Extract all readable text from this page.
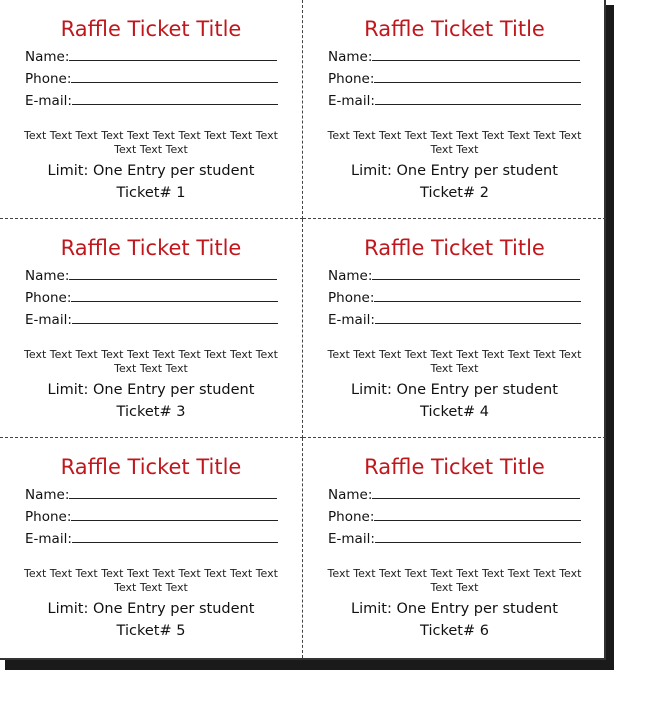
Raffle Ticket Title
Name:
Phone:
E-mail:
Text Text Text Text Text Text Text Text Text Text Text Text Text
Limit: One Entry per student
Ticket# 1
Raffle Ticket Title
Name:
Phone:
E-mail:
Text Text Text Text Text Text Text Text Text Text Text Text
Limit: One Entry per student
Ticket# 2
Raffle Ticket Title
Name:
Phone:
E-mail:
Text Text Text Text Text Text Text Text Text Text Text Text Text
Limit: One Entry per student
Ticket# 3
Raffle Ticket Title
Name:
Phone:
E-mail:
Text Text Text Text Text Text Text Text Text Text Text Text
Limit: One Entry per student
Ticket# 4
Raffle Ticket Title
Name:
Phone:
E-mail:
Text Text Text Text Text Text Text Text Text Text Text Text Text
Limit: One Entry per student
Ticket# 5
Raffle Ticket Title
Name:
Phone:
E-mail:
Text Text Text Text Text Text Text Text Text Text Text Text
Limit: One Entry per student
Ticket# 6
